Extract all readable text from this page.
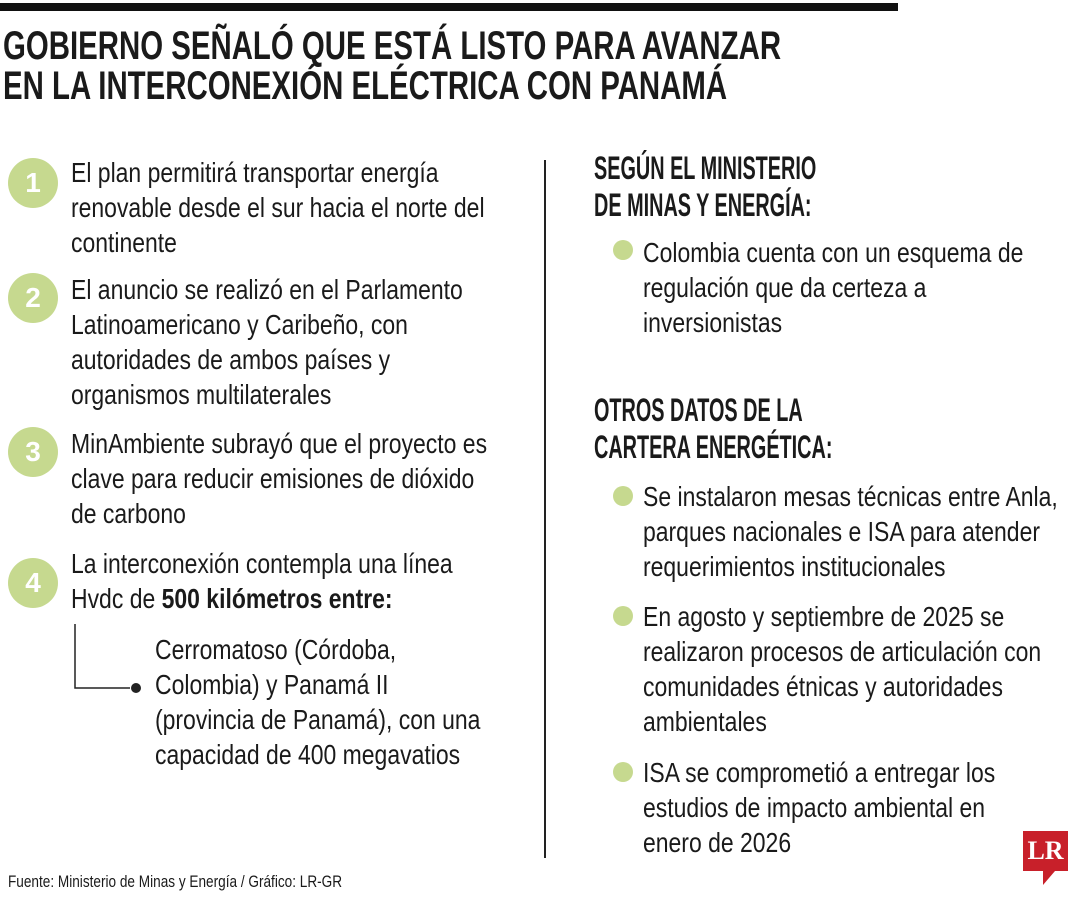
GOBIERNO SEÑALÓ QUE ESTÁ LISTO PARA AVANZAR
EN LA INTERCONEXIÓN ELÉCTRICA CON PANAMÁ
1	El plan permitirá transportar energía
renovable desde el sur hacia el norte del
continente
2	El anuncio se realizó en el Parlamento
Latinoamericano y Caribeño, con
autoridades de ambos países y
organismos multilaterales
3	MinAmbiente subrayó que el proyecto es
clave para reducir emisiones de dióxido
de carbono
4
La interconexión contempla una línea
Hvdc de 500 kilómetros entre:
Cerromatoso (Córdoba,
Colombia) y Panamá II
(provincia de Panamá), con una
capacidad de 400 megavatios
SEGÚN EL MINISTERIO
DE MINAS Y ENERGÍA:
Colombia cuenta con un esquema de
regulación que da certeza a
inversionistas
OTROS DATOS DE LA
CARTERA ENERGÉTICA:
Se instalaron mesas técnicas entre Anla,
parques nacionales e ISA para atender
requerimientos institucionales
En agosto y septiembre de 2025 se
realizaron procesos de articulación con
comunidades étnicas y autoridades
ambientales
ISA se comprometió a entregar los
estudios de impacto ambiental en
enero de 2026
Fuente: Ministerio de Minas y Energía / Gráfico: LR-GR
LR
